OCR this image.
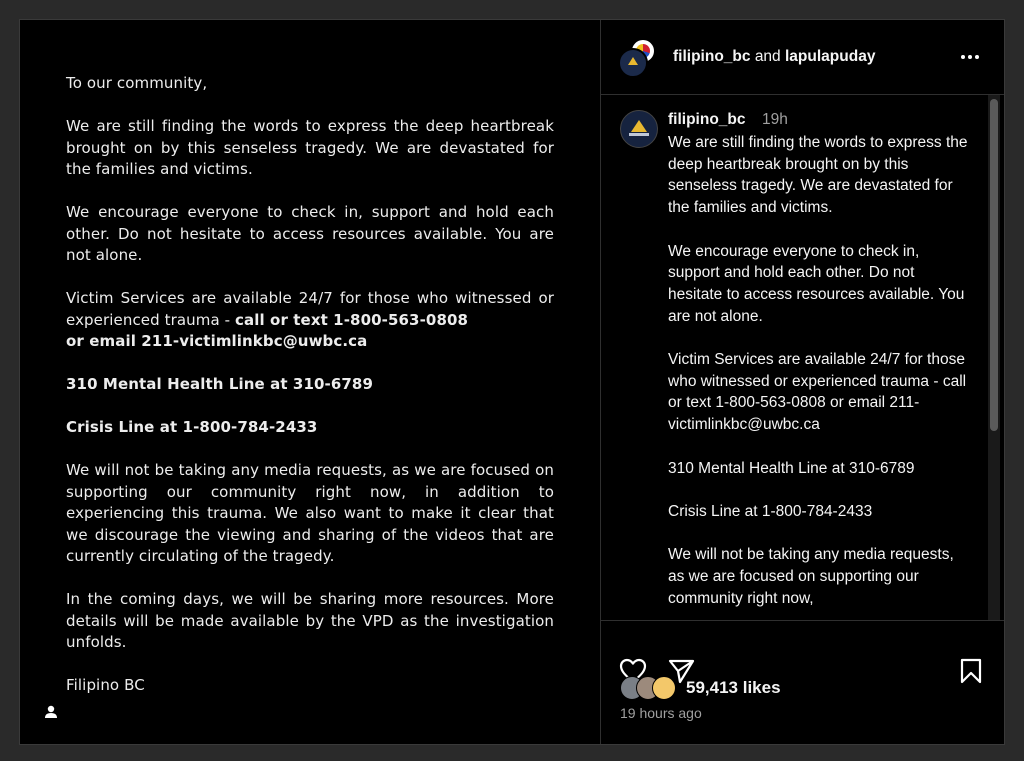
To our community,

We are still finding the words to express the deep heartbreak brought on by this senseless tragedy. We are devastated for the families and victims.

We encourage everyone to check in, support and hold each other. Do not hesitate to access resources available. You are not alone.

Victim Services are available 24/7 for those who witnessed or experienced trauma - call or text 1-800-563-0808
or email 211-victimlinkbc@uwbc.ca

310 Mental Health Line at 310-6789

Crisis Line at 1-800-784-2433

We will not be taking any media requests, as we are focused on supporting our community right now, in addition to experiencing this trauma. We also want to make it clear that we discourage the viewing and sharing of the videos that are currently circulating of the tragedy.

In the coming days, we will be sharing more resources. More details will be made available by the VPD as the investigation unfolds.

Filipino BC

filipino_bc and lapulapuday
filipino_bc 19h

We are still finding the words to express the deep heartbreak brought on by this senseless tragedy. We are devastated for the families and victims.

We encourage everyone to check in, support and hold each other. Do not hesitate to access resources available. You are not alone.

Victim Services are available 24/7 for those who witnessed or experienced trauma - call or text 1-800-563-0808 or email 211-victimlinkbc@uwbc.ca

310 Mental Health Line at 310-6789

Crisis Line at 1-800-784-2433

We will not be taking any media requests, as we are focused on supporting our community right now,

59,413 likes
19 hours ago
